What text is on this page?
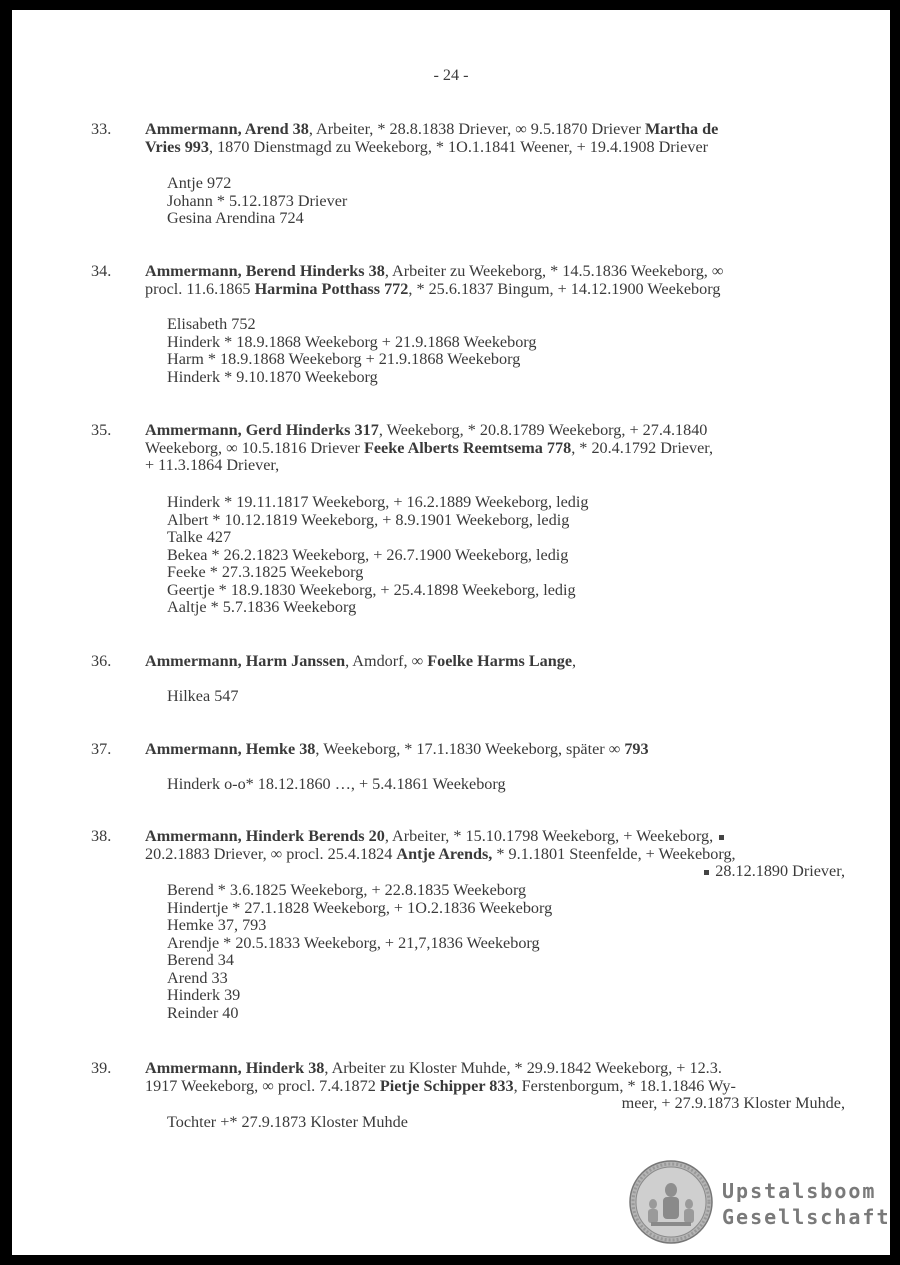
- 24 -
33. Ammermann, Arend 38, Arbeiter, * 28.8.1838 Driever, ∞ 9.5.1870 Driever Martha de
Vries 993, 1870 Dienstmagd zu Weekeborg, * 1O.1.1841 Weener, + 19.4.1908 Driever
Antje 972
Johann * 5.12.1873 Driever
Gesina Arendina 724
34. Ammermann, Berend Hinderks 38, Arbeiter zu Weekeborg, * 14.5.1836 Weekeborg, ∞
procl. 11.6.1865 Harmina Potthass 772, * 25.6.1837 Bingum, + 14.12.1900 Weekeborg
Elisabeth 752
Hinderk * 18.9.1868 Weekeborg + 21.9.1868 Weekeborg
Harm * 18.9.1868 Weekeborg + 21.9.1868 Weekeborg
Hinderk * 9.10.1870 Weekeborg
35. Ammermann, Gerd Hinderks 317, Weekeborg, * 20.8.1789 Weekeborg, + 27.4.1840
Weekeborg, ∞ 10.5.1816 Driever Feeke Alberts Reemtsema 778, * 20.4.1792 Driever,
+ 11.3.1864 Driever,
Hinderk * 19.11.1817 Weekeborg, + 16.2.1889 Weekeborg, ledig
Albert * 10.12.1819 Weekeborg, + 8.9.1901 Weekeborg, ledig
Talke 427
Bekea * 26.2.1823 Weekeborg, + 26.7.1900 Weekeborg, ledig
Feeke * 27.3.1825 Weekeborg
Geertje * 18.9.1830 Weekeborg, + 25.4.1898 Weekeborg, ledig
Aaltje * 5.7.1836 Weekeborg
36. Ammermann, Harm Janssen, Amdorf, ∞ Foelke Harms Lange,
Hilkea 547
37. Ammermann, Hemke 38, Weekeborg, * 17.1.1830 Weekeborg, später ∞ 793
Hinderk o-o* 18.12.1860 …, + 5.4.1861 Weekeborg
38. Ammermann, Hinderk Berends 20, Arbeiter, * 15.10.1798 Weekeborg, + Weekeborg,
20.2.1883 Driever, ∞ procl. 25.4.1824 Antje Arends, * 9.1.1801 Steenfelde, + Weekeborg,
28.12.1890 Driever,
Berend * 3.6.1825 Weekeborg, + 22.8.1835 Weekeborg
Hindertje * 27.1.1828 Weekeborg, + 1O.2.1836 Weekeborg
Hemke 37, 793
Arendje * 20.5.1833 Weekeborg, + 21,7,1836 Weekeborg
Berend 34
Arend 33
Hinderk 39
Reinder 40
39. Ammermann, Hinderk 38, Arbeiter zu Kloster Muhde, * 29.9.1842 Weekeborg, + 12.3.
1917 Weekeborg, ∞ procl. 7.4.1872 Pietje Schipper 833, Ferstenborgum, * 18.1.1846 Wy-
meer, + 27.9.1873 Kloster Muhde,
Tochter +* 27.9.1873 Kloster Muhde
Upstalsboom
Gesellschaft
